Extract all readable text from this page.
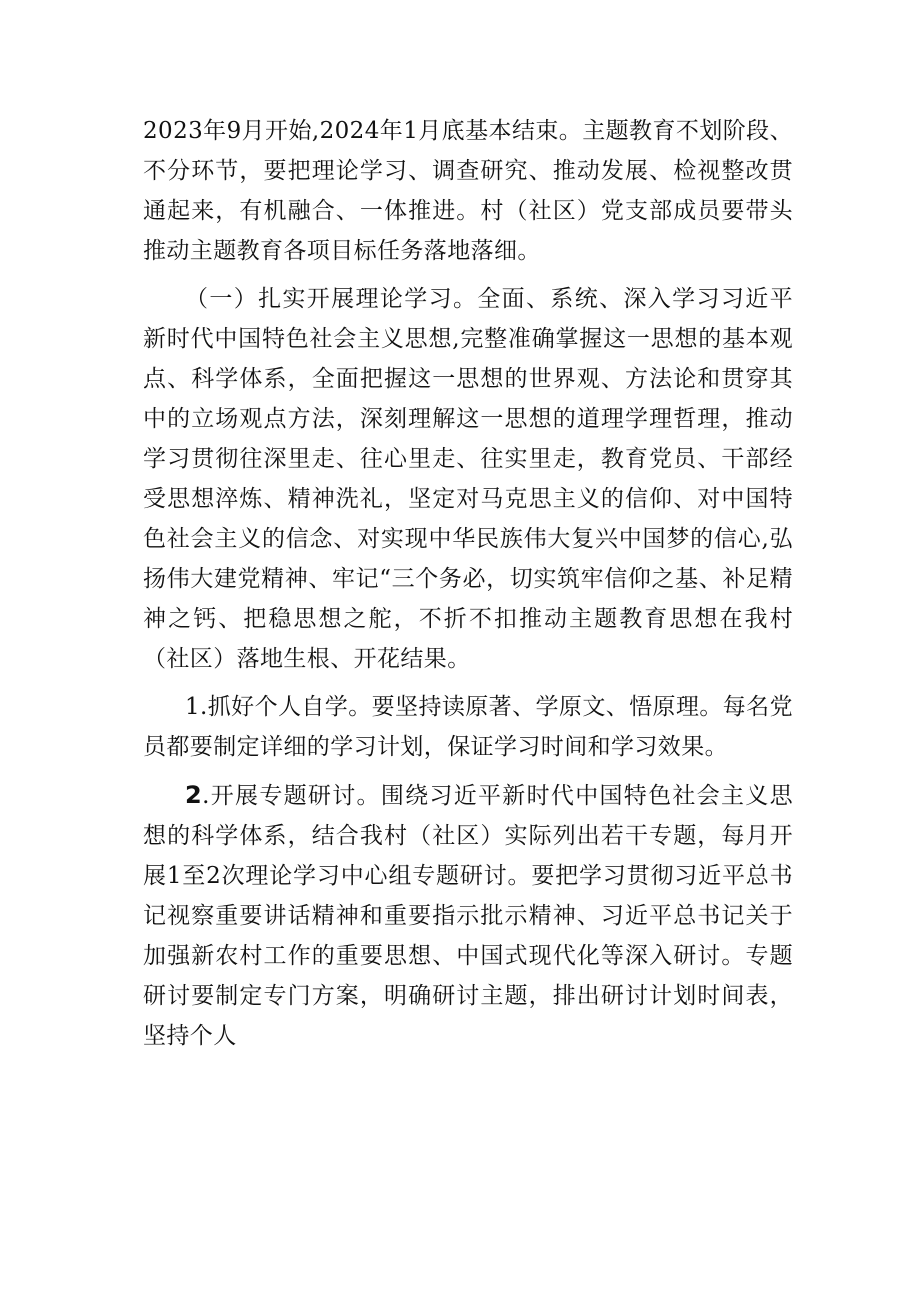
2023年9月开始,2024年1月底基本结束。主题教育不划阶段、不分环节，要把理论学习、调查研究、推动发展、检视整改贯通起来，有机融合、一体推进。村（社区）党支部成员要带头推动主题教育各项目标任务落地落细。

（一）扎实开展理论学习。全面、系统、深入学习习近平新时代中国特色社会主义思想,完整准确掌握这一思想的基本观点、科学体系，全面把握这一思想的世界观、方法论和贯穿其中的立场观点方法，深刻理解这一思想的道理学理哲理，推动学习贯彻往深里走、往心里走、往实里走，教育党员、干部经受思想淬炼、精神洗礼，坚定对马克思主义的信仰、对中国特色社会主义的信念、对实现中华民族伟大复兴中国梦的信心,弘扬伟大建党精神、牢记“三个务必，切实筑牢信仰之基、补足精神之钙、把稳思想之舵，不折不扣推动主题教育思想在我村（社区）落地生根、开花结果。

1.抓好个人自学。要坚持读原著、学原文、悟原理。每名党员都要制定详细的学习计划，保证学习时间和学习效果。

2.开展专题研讨。围绕习近平新时代中国特色社会主义思想的科学体系，结合我村（社区）实际列出若干专题，每月开展1至2次理论学习中心组专题研讨。要把学习贯彻习近平总书记视察重要讲话精神和重要指示批示精神、习近平总书记关于加强新农村工作的重要思想、中国式现代化等深入研讨。专题研讨要制定专门方案，明确研讨主题，排出研讨计划时间表，坚持个人
